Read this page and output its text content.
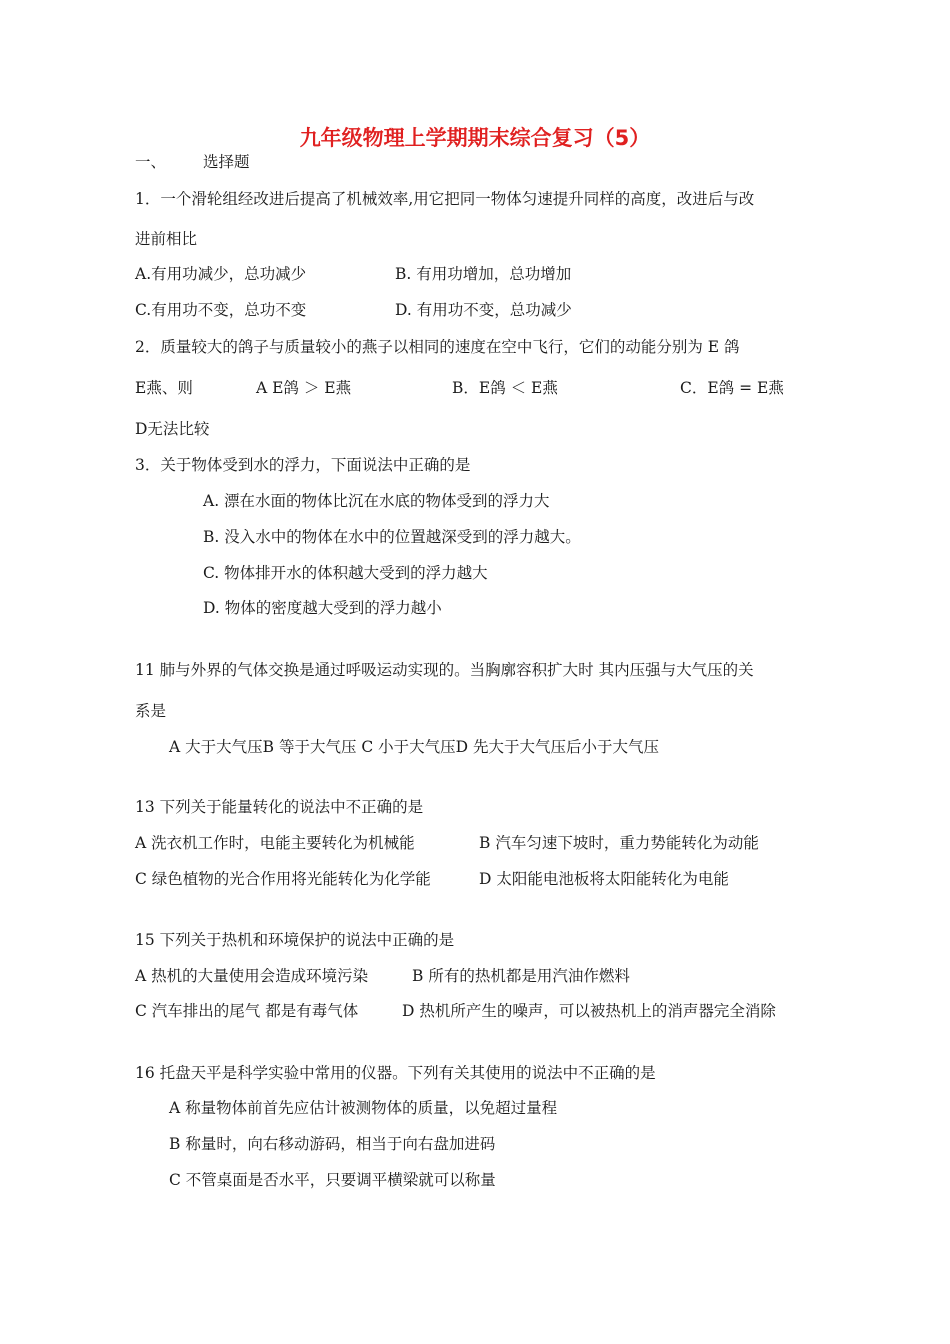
九年级物理上学期期末综合复习（5）
一、 选择题
1．一个滑轮组经改进后提高了机械效率,用它把同一物体匀速提升同样的高度，改进后与改
进前相比
A.有用功减少，总功减少	B. 有用功增加，总功增加
C.有用功不变，总功不变	D. 有用功不变，总功减少
2．质量较大的鸽子与质量较小的燕子以相同的速度在空中飞行，它们的动能分别为 E 鸽
E燕、则	A E鸽 ＞ E燕	B．E鸽 ＜ E燕	C．E鸽 = E燕
D无法比较
3．关于物体受到水的浮力，下面说法中正确的是
A. 漂在水面的物体比沉在水底的物体受到的浮力大
B. 没入水中的物体在水中的位置越深受到的浮力越大。
C. 物体排开水的体积越大受到的浮力越大
D. 物体的密度越大受到的浮力越小
11 肺与外界的气体交换是通过呼吸运动实现的。当胸廓容积扩大时 其内压强与大气压的关
系是
A 大于大气压B 等于大气压 C 小于大气压D 先大于大气压后小于大气压
13 下列关于能量转化的说法中不正确的是
A 洗衣机工作时，电能主要转化为机械能	B 汽车匀速下坡时，重力势能转化为动能
C 绿色植物的光合作用将光能转化为化学能	D 太阳能电池板将太阳能转化为电能
15 下列关于热机和环境保护的说法中正确的是
A 热机的大量使用会造成环境污染	B 所有的热机都是用汽油作燃料
C 汽车排出的尾气 都是有毒气体	D 热机所产生的噪声，可以被热机上的消声器完全消除
16 托盘天平是科学实验中常用的仪器。下列有关其使用的说法中不正确的是
A 称量物体前首先应估计被测物体的质量，以免超过量程
B 称量时，向右移动游码，相当于向右盘加进码
C 不管桌面是否水平，只要调平横梁就可以称量
